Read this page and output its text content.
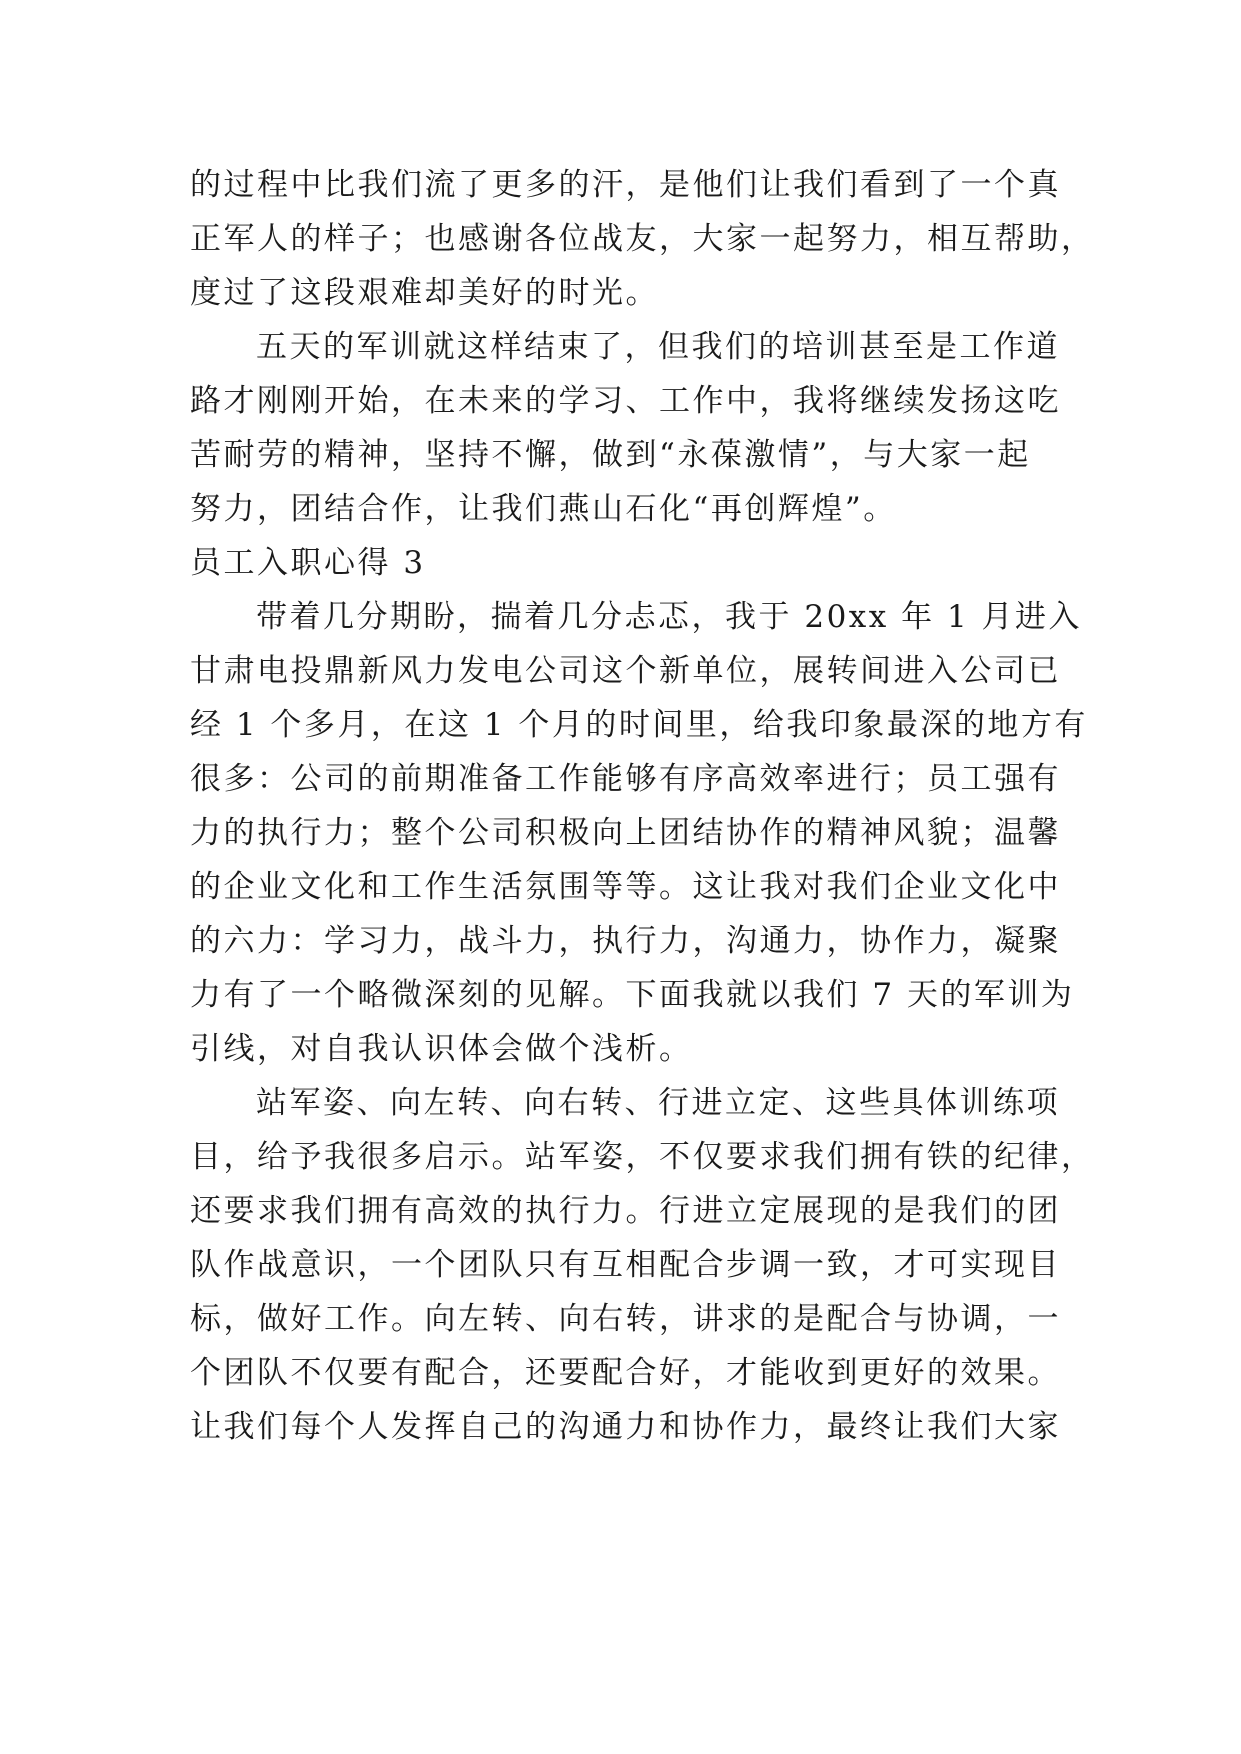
的过程中比我们流了更多的汗，是他们让我们看到了一个真
正军人的样子；也感谢各位战友，大家一起努力，相互帮助，
度过了这段艰难却美好的时光。
五天的军训就这样结束了，但我们的培训甚至是工作道
路才刚刚开始，在未来的学习、工作中，我将继续发扬这吃
苦耐劳的精神，坚持不懈，做到“永葆激情”，与大家一起
努力，团结合作，让我们燕山石化“再创辉煌”。
员工入职心得 3
带着几分期盼，揣着几分忐忑，我于 20xx 年 1 月进入
甘肃电投鼎新风力发电公司这个新单位，展转间进入公司已
经 1 个多月，在这 1 个月的时间里，给我印象最深的地方有
很多：公司的前期准备工作能够有序高效率进行；员工强有
力的执行力；整个公司积极向上团结协作的精神风貌；温馨
的企业文化和工作生活氛围等等。这让我对我们企业文化中
的六力：学习力，战斗力，执行力，沟通力，协作力，凝聚
力有了一个略微深刻的见解。下面我就以我们 7 天的军训为
引线，对自我认识体会做个浅析。
站军姿、向左转、向右转、行进立定、这些具体训练项
目，给予我很多启示。站军姿，不仅要求我们拥有铁的纪律，
还要求我们拥有高效的执行力。行进立定展现的是我们的团
队作战意识，一个团队只有互相配合步调一致，才可实现目
标，做好工作。向左转、向右转，讲求的是配合与协调，一
个团队不仅要有配合，还要配合好，才能收到更好的效果。
让我们每个人发挥自己的沟通力和协作力，最终让我们大家
